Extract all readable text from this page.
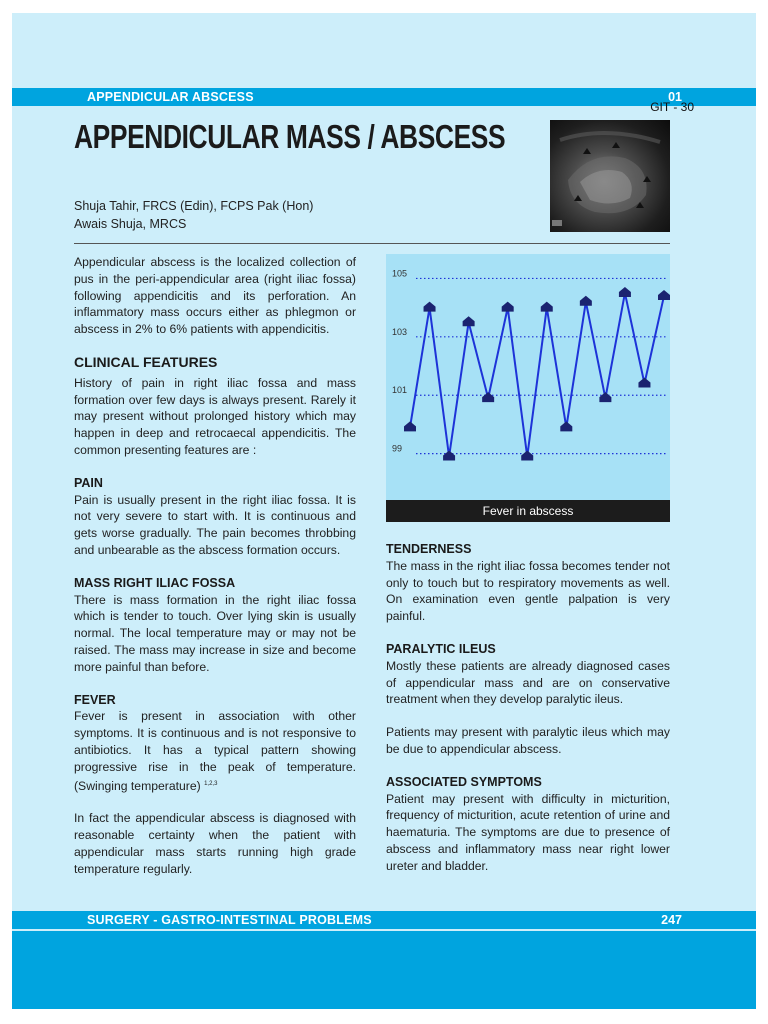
APPENDICULAR ABSCESS	01
SURGERY - GASTRO-INTESTINAL PROBLEMS	247
GIT - 30
APPENDICULAR MASS / ABSCESS
Shuja Tahir, FRCS (Edin), FCPS Pak (Hon)
Awais Shuja, MRCS

Appendicular abscess is the localized collection of pus in the peri-appendicular area (right iliac fossa) following appendicitis and its perforation. An inflammatory mass occurs either as phlegmon or abscess in 2% to 6% patients with appendicitis.

CLINICAL FEATURES

History of pain in right iliac fossa and mass formation over few days is always present. Rarely it may present without prolonged history which may happen in deep and retrocaecal appendicitis. The common presenting features are :

PAIN

Pain is usually present in the right iliac fossa. It is not very severe to start with. It is continuous and gets worse gradually. The pain becomes throbbing and unbearable as the abscess formation occurs.

MASS RIGHT ILIAC FOSSA

There is mass formation in the right iliac fossa which is tender to touch. Over lying skin is usually normal. The local temperature may or may not be raised. The mass may increase in size and become more painful than before.

FEVER

Fever is present in association with other symptoms. It is continuous and is not responsive to antibiotics. It has a typical pattern showing progressive rise in the peak of temperature. (Swinging temperature) $^{1,2,3}$

In fact the appendicular abscess is diagnosed with reasonable certainty when the patient with appendicular mass starts running high grade temperature regularly.

105
103
101
99
Fever in abscess
TENDERNESS

The mass in the right iliac fossa becomes tender not only to touch but to respiratory movements as well. On examination even gentle palpation is very painful.

PARALYTIC ILEUS

Mostly these patients are already diagnosed cases of appendicular mass and are on conservative treatment when they develop paralytic ileus.

Patients may present with paralytic ileus which may be due to appendicular abscess.

ASSOCIATED SYMPTOMS

Patient may present with difficulty in micturition, frequency of micturition, acute retention of urine and haematuria. The symptoms are due to presence of abscess and inflammatory mass near right lower ureter and bladder.
